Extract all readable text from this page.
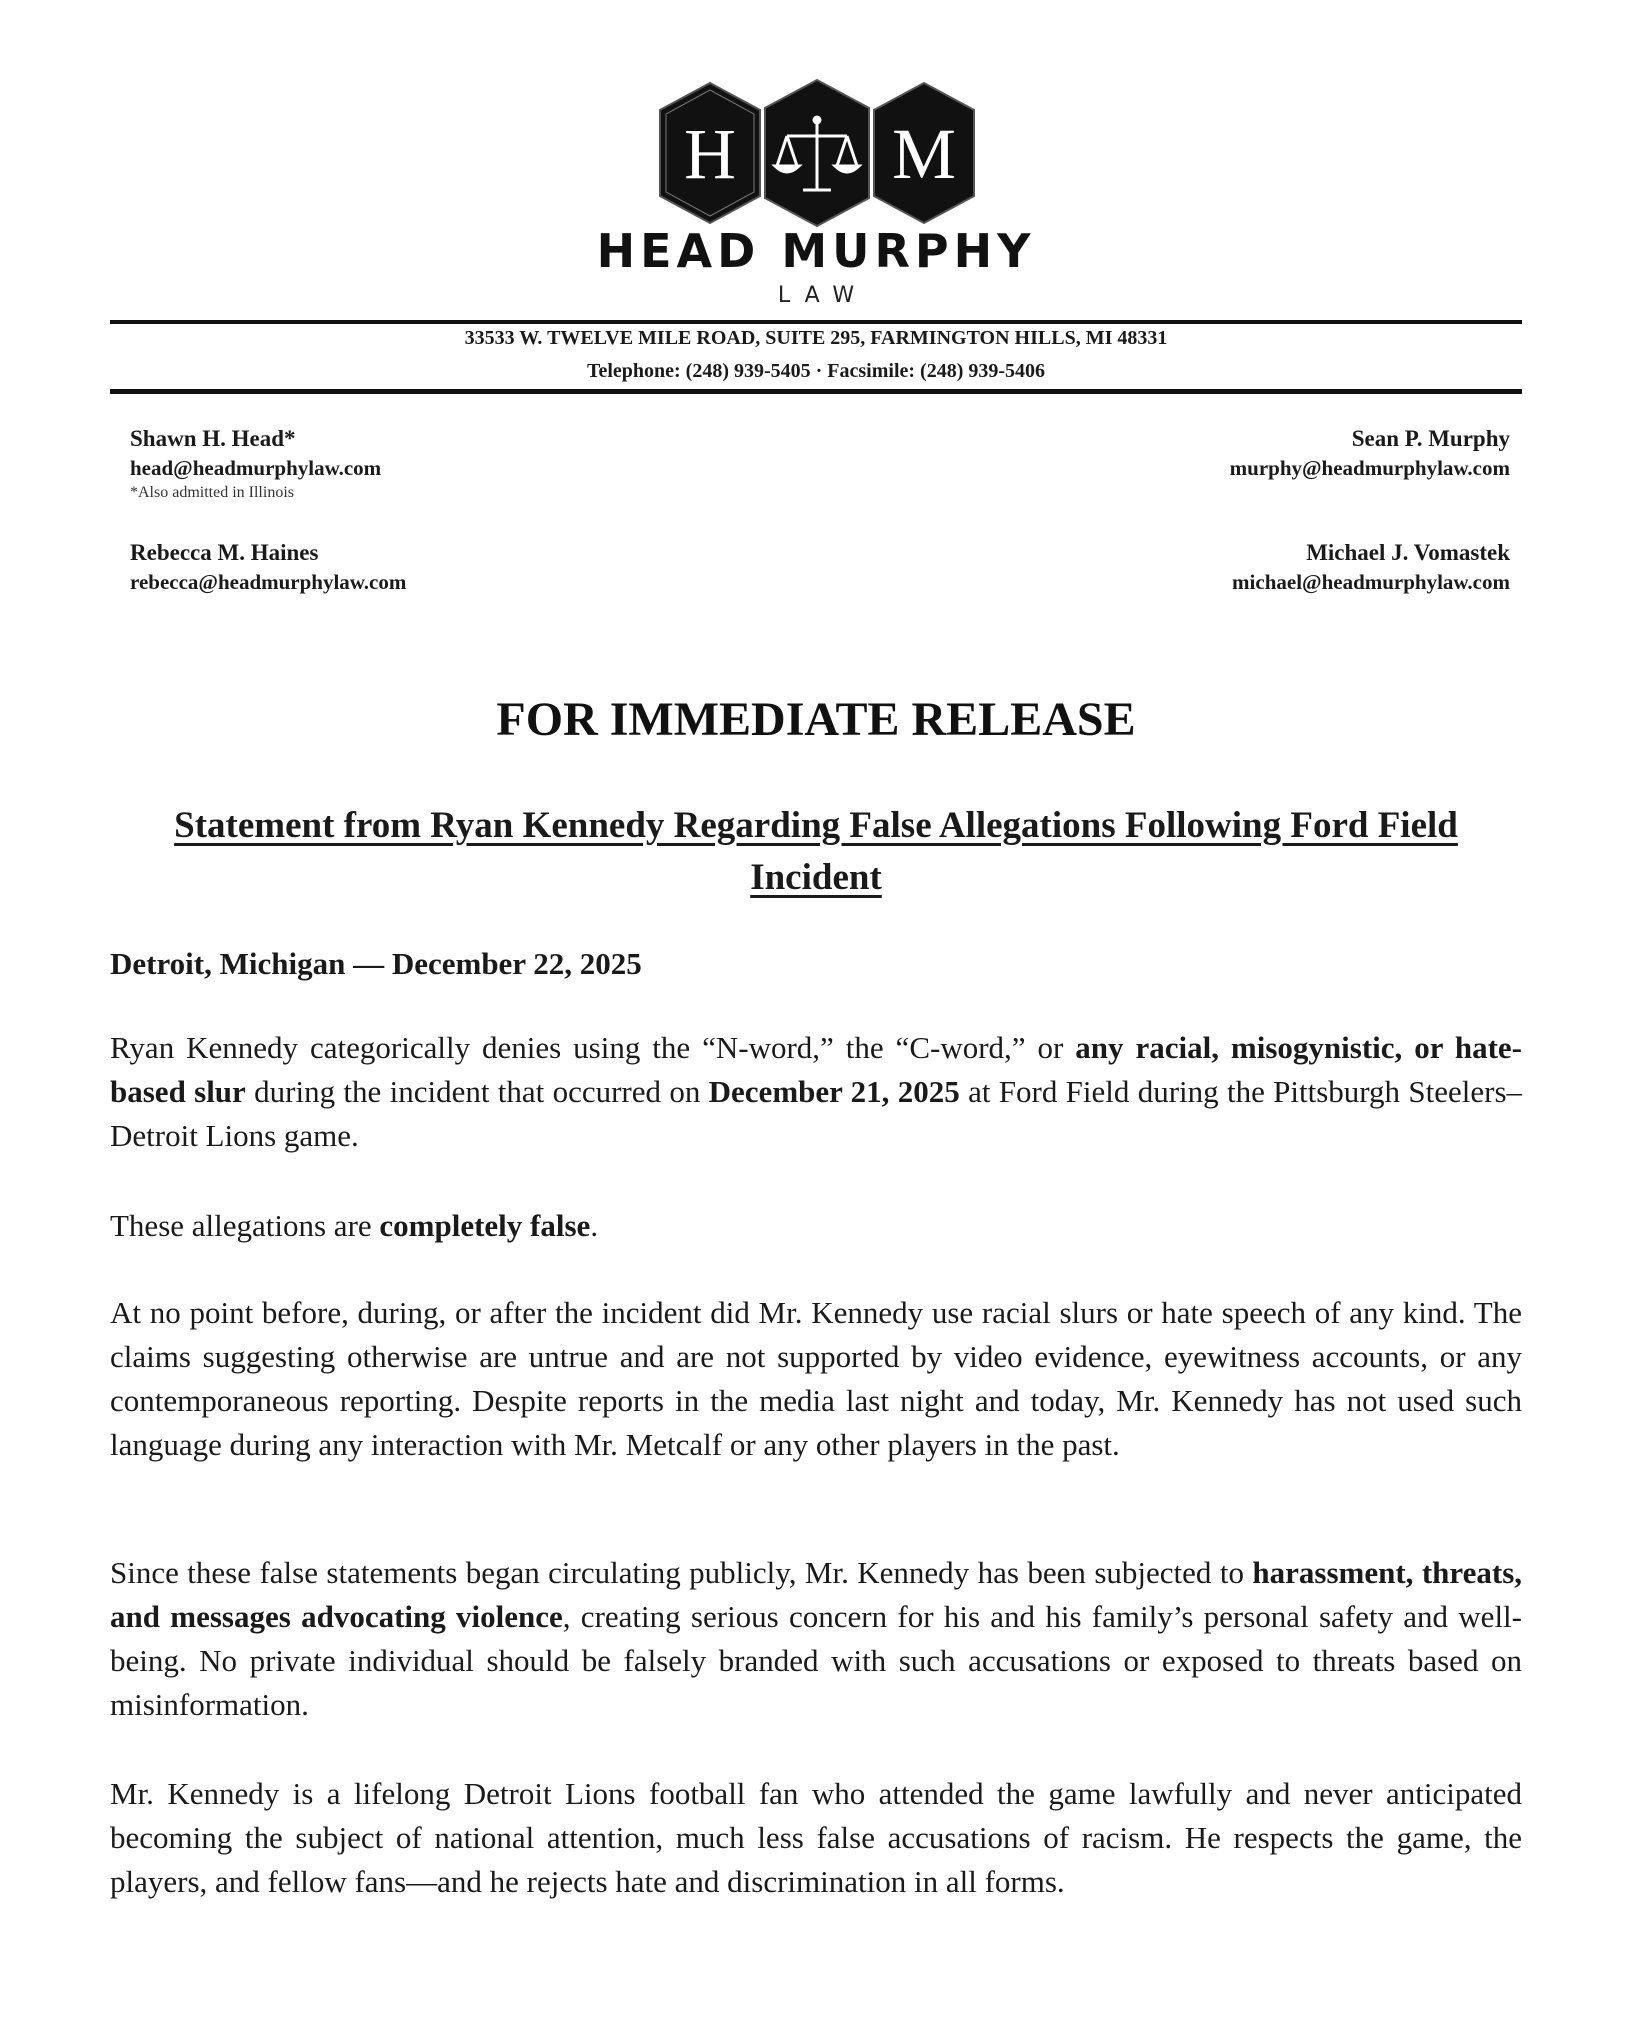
H M
HEAD MURPHY
LAW
33533 W. TWELVE MILE ROAD, SUITE 295, FARMINGTON HILLS, MI 48331
Telephone: (248) 939-5405 · Facsimile: (248) 939-5406
Shawn H. Head*
head@headmurphylaw.com
*Also admitted in Illinois
Rebecca M. Haines
rebecca@headmurphylaw.com
Sean P. Murphy
murphy@headmurphylaw.com
Michael J. Vomastek
michael@headmurphylaw.com
FOR IMMEDIATE RELEASE
Statement from Ryan Kennedy Regarding False Allegations Following Ford Field Incident
Detroit, Michigan — December 22, 2025
Ryan Kennedy categorically denies using the “N-word,” the “C-word,” or any racial, misogynistic, or hate-based slur during the incident that occurred on December 21, 2025 at Ford Field during the Pittsburgh Steelers–Detroit Lions game.
These allegations are completely false.
At no point before, during, or after the incident did Mr. Kennedy use racial slurs or hate speech of any kind. The claims suggesting otherwise are untrue and are not supported by video evidence, eyewitness accounts, or any contemporaneous reporting. Despite reports in the media last night and today, Mr. Kennedy has not used such language during any interaction with Mr. Metcalf or any other players in the past.
Since these false statements began circulating publicly, Mr. Kennedy has been subjected to harassment, threats, and messages advocating violence, creating serious concern for his and his family’s personal safety and well-being. No private individual should be falsely branded with such accusations or exposed to threats based on misinformation.
Mr. Kennedy is a lifelong Detroit Lions football fan who attended the game lawfully and never anticipated becoming the subject of national attention, much less false accusations of racism. He respects the game, the players, and fellow fans—and he rejects hate and discrimination in all forms.
